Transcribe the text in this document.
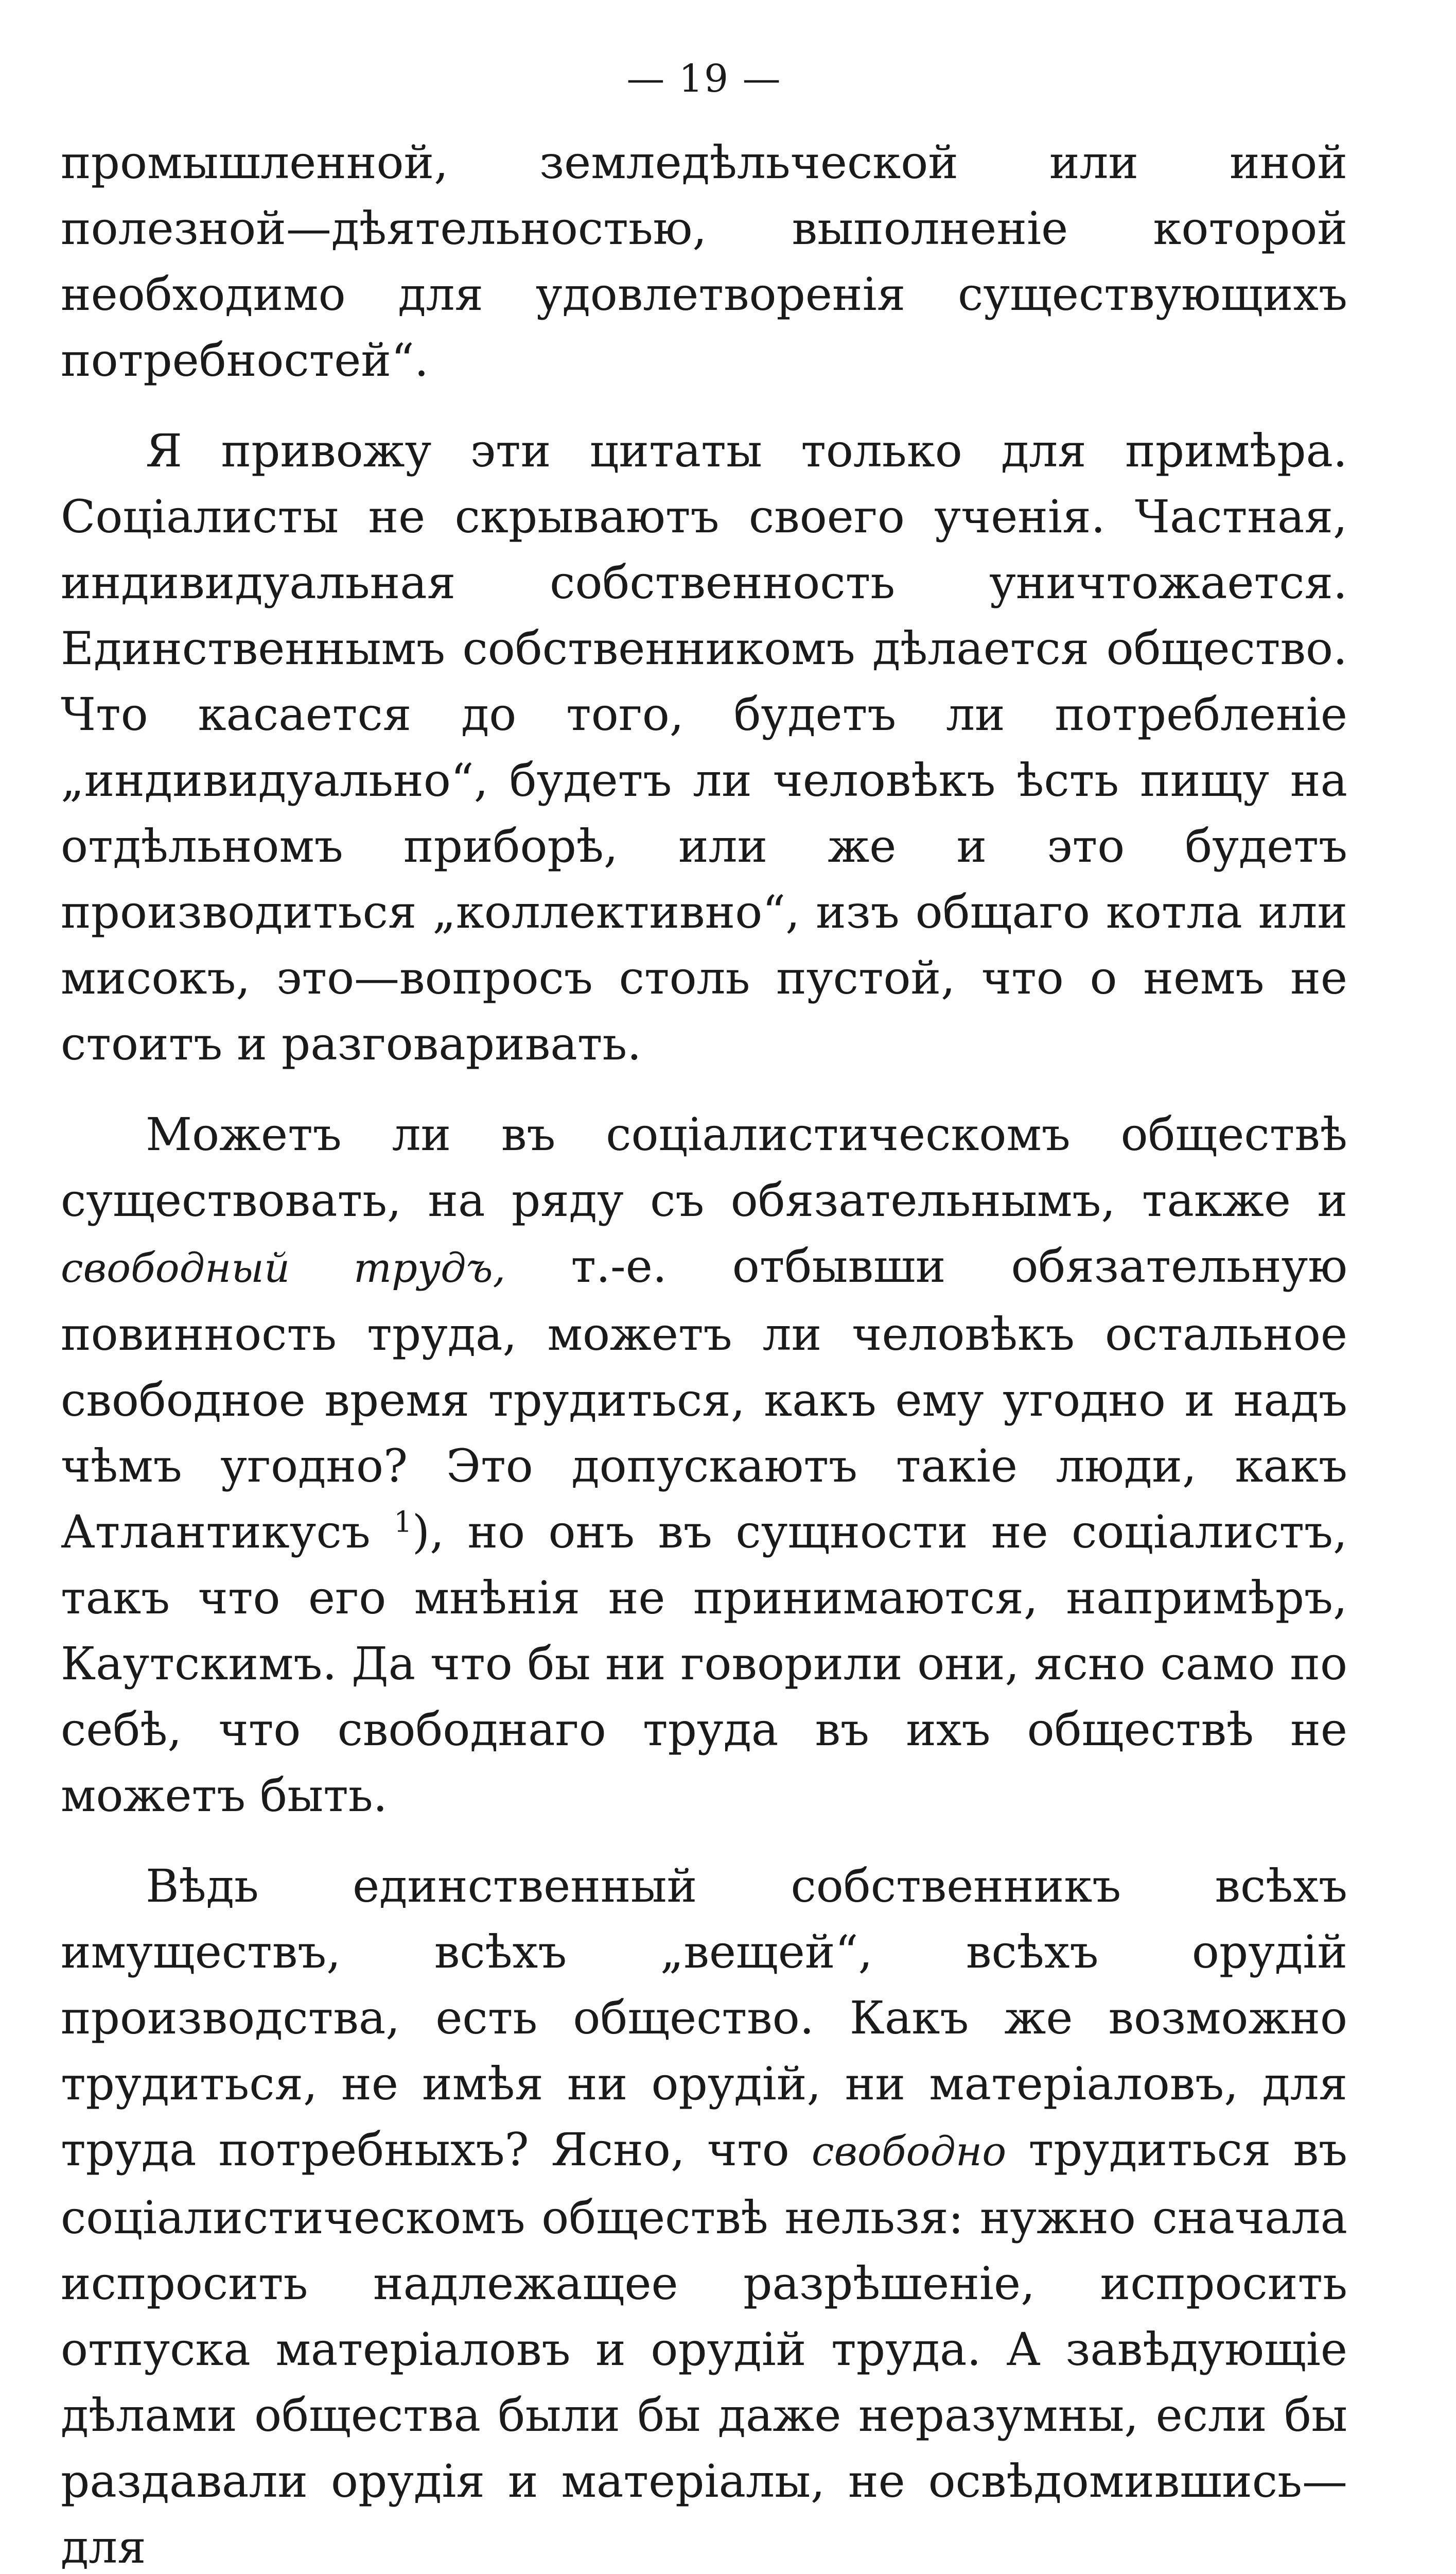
— 19 —

промышленной, земледѣльческой или иной полезной—дѣятельностью, выполненіе которой необходимо для удовлетворенія существующихъ потребностей“.

Я привожу эти цитаты только для примѣра. Соціалисты не скрываютъ своего ученія. Частная, индивидуальная собственность уничтожается. Единственнымъ собственникомъ дѣлается общество. Что касается до того, будетъ ли потребленіе „индивидуально“, будетъ ли человѣкъ ѣсть пищу на отдѣльномъ приборѣ, или же и это будетъ производиться „коллективно“, изъ общаго котла или мисокъ, это—вопросъ столь пустой, что о немъ не стоитъ и разговаривать.

Можетъ ли въ соціалистическомъ обществѣ существовать, на ряду съ обязательнымъ, также и свободный трудъ, т.-е. отбывши обязательную повинность труда, можетъ ли человѣкъ остальное свободное время трудиться, какъ ему угодно и надъ чѣмъ угодно? Это допускаютъ такіе люди, какъ Атлантикусъ $^1$), но онъ въ сущности не соціалистъ, такъ что его мнѣнія не принимаются, напримѣръ, Каутскимъ. Да что бы ни говорили они, ясно само по себѣ, что свободнаго труда въ ихъ обществѣ не можетъ быть.

Вѣдь единственный собственникъ всѣхъ имуществъ, всѣхъ „вещей“, всѣхъ орудій производства, есть общество. Какъ же возможно трудиться, не имѣя ни орудій, ни матеріаловъ, для труда потребныхъ? Ясно, что свободно трудиться въ соціалистическомъ обществѣ нельзя: нужно сначала испросить надлежащее разрѣшеніе, испросить отпуска матеріаловъ и орудій труда. А завѣдующіе дѣлами общества были бы даже неразумны, если бы раздавали орудія и матеріалы, не освѣдомившись—для
